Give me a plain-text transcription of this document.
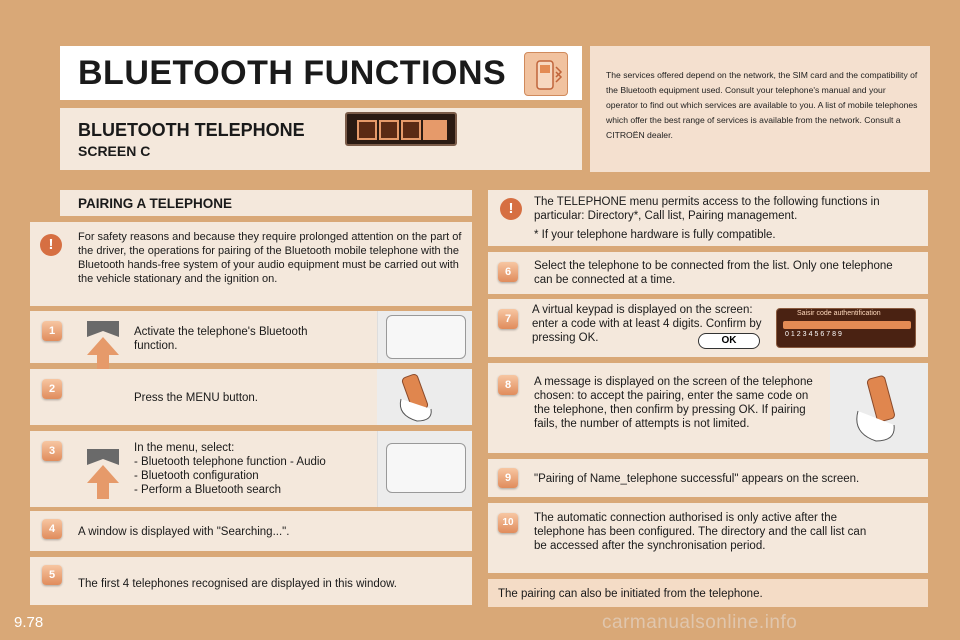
BLUETOOTH FUNCTIONS	The services offered depend on the network, the SIM card and the compatibility of the Bluetooth equipment used. Consult your telephone's manual and your operator to find out which services are available to you. A list of mobile telephones which offer the best range of services is available from the network. Consult a CITROËN dealer.
BLUETOOTH TELEPHONE
SCREEN C
PAIRING A TELEPHONE
!	For safety reasons and because they require prolonged attention on the part of the driver, the operations for pairing of the Bluetooth mobile telephone with the Bluetooth hands-free system of your audio equipment must be carried out with the vehicle stationary and the ignition on.
1	Activate the telephone's Bluetooth function.
2
Press the MENU button.
3	In the menu, select:
- Bluetooth telephone function - Audio
- Bluetooth configuration
- Perform a Bluetooth search
4	A window is displayed with "Searching...".
5
The first 4 telephones recognised are displayed in this window.
!	The TELEPHONE menu permits access to the following functions in particular: Directory*, Call list, Pairing management.
* If your telephone hardware is fully compatible.
6	Select the telephone to be connected from the list. Only one telephone can be connected at a time.
7
A virtual keypad is displayed on the screen: enter a code with at least 4 digits. Confirm by pressing OK.	OK
Saisir code authentification
0123456789
8	A message is displayed on the screen of the telephone chosen: to accept the pairing, enter the same code on the telephone, then confirm by pressing OK. If pairing fails, the number of attempts is not limited.
9	"Pairing of Name_telephone successful" appears on the screen.
10	The automatic connection authorised is only active after the telephone has been configured. The directory and the call list can be accessed after the synchronisation period.
The pairing can also be initiated from the telephone.
9.78	carmanualsonline.info
